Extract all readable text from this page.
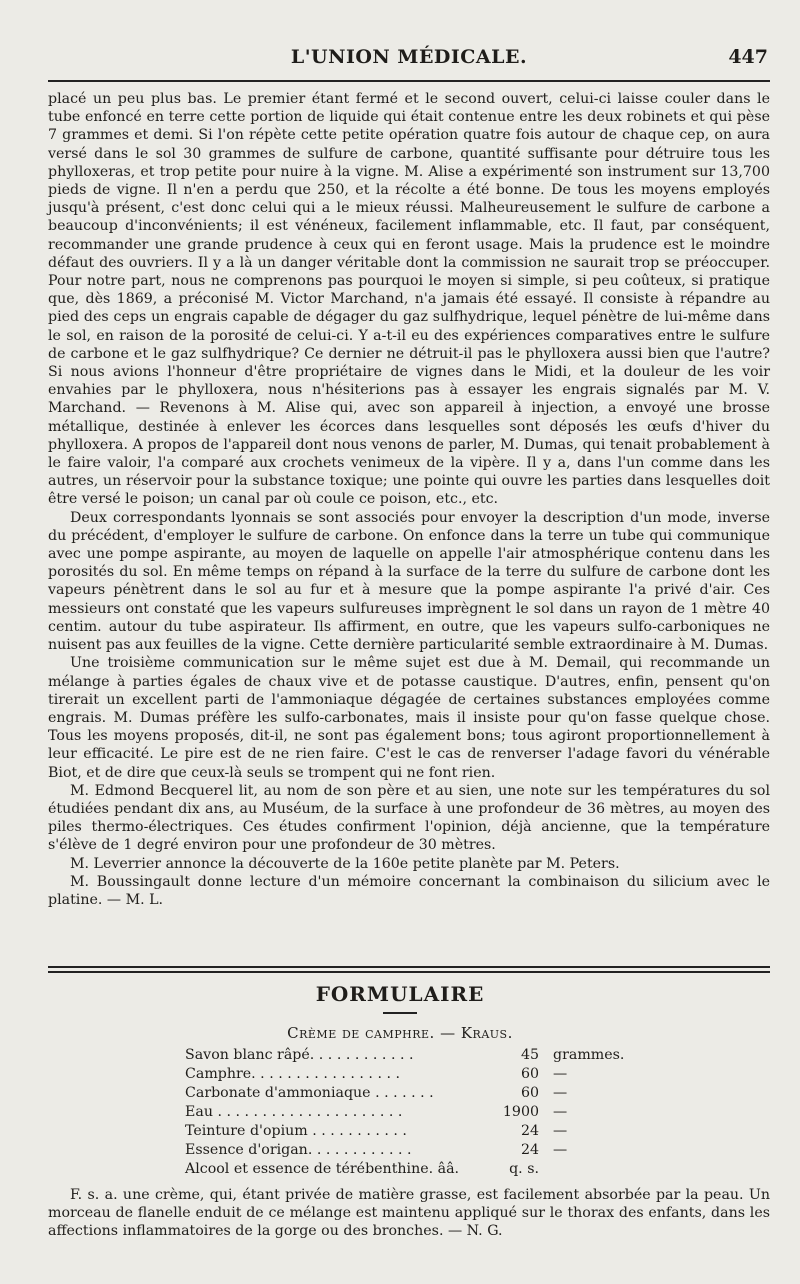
L'UNION MÉDICALE.	447

placé un peu plus bas. Le premier étant fermé et le second ouvert, celui-ci laisse couler dans le tube enfoncé en terre cette portion de liquide qui était contenue entre les deux robinets et qui pèse 7 grammes et demi. Si l'on répète cette petite opération quatre fois autour de chaque cep, on aura versé dans le sol 30 grammes de sulfure de carbone, quantité suffisante pour détruire tous les phylloxeras, et trop petite pour nuire à la vigne. M. Alise a expérimenté son instrument sur 13,700 pieds de vigne. Il n'en a perdu que 250, et la récolte a été bonne. De tous les moyens employés jusqu'à présent, c'est donc celui qui a le mieux réussi. Malheureusement le sulfure de carbone a beaucoup d'inconvénients; il est vénéneux, facilement inflammable, etc. Il faut, par conséquent, recommander une grande prudence à ceux qui en feront usage. Mais la prudence est le moindre défaut des ouvriers. Il y a là un danger véritable dont la commission ne saurait trop se préoccuper. Pour notre part, nous ne comprenons pas pourquoi le moyen si simple, si peu coûteux, si pratique que, dès 1869, a préconisé M. Victor Marchand, n'a jamais été essayé. Il consiste à répandre au pied des ceps un engrais capable de dégager du gaz sulfhydrique, lequel pénètre de lui-même dans le sol, en raison de la porosité de celui-ci. Y a-t-il eu des expériences comparatives entre le sulfure de carbone et le gaz sulfhydrique? Ce dernier ne détruit-il pas le phylloxera aussi bien que l'autre? Si nous avions l'honneur d'être propriétaire de vignes dans le Midi, et la douleur de les voir envahies par le phylloxera, nous n'hésiterions pas à essayer les engrais signalés par M. V. Marchand. — Revenons à M. Alise qui, avec son appareil à injection, a envoyé une brosse métallique, destinée à enlever les écorces dans lesquelles sont déposés les œufs d'hiver du phylloxera. A propos de l'appareil dont nous venons de parler, M. Dumas, qui tenait probablement à le faire valoir, l'a comparé aux crochets venimeux de la vipère. Il y a, dans l'un comme dans les autres, un réservoir pour la substance toxique; une pointe qui ouvre les parties dans lesquelles doit être versé le poison; un canal par où coule ce poison, etc., etc.

Deux correspondants lyonnais se sont associés pour envoyer la description d'un mode, inverse du précédent, d'employer le sulfure de carbone. On enfonce dans la terre un tube qui communique avec une pompe aspirante, au moyen de laquelle on appelle l'air atmosphérique contenu dans les porosités du sol. En même temps on répand à la surface de la terre du sulfure de carbone dont les vapeurs pénètrent dans le sol au fur et à mesure que la pompe aspirante l'a privé d'air. Ces messieurs ont constaté que les vapeurs sulfureuses imprègnent le sol dans un rayon de 1 mètre 40 centim. autour du tube aspirateur. Ils affirment, en outre, que les vapeurs sulfo-carboniques ne nuisent pas aux feuilles de la vigne. Cette dernière particularité semble extraordinaire à M. Dumas.

Une troisième communication sur le même sujet est due à M. Demail, qui recommande un mélange à parties égales de chaux vive et de potasse caustique. D'autres, enfin, pensent qu'on tirerait un excellent parti de l'ammoniaque dégagée de certaines substances employées comme engrais. M. Dumas préfère les sulfo-carbonates, mais il insiste pour qu'on fasse quelque chose. Tous les moyens proposés, dit-il, ne sont pas également bons; tous agiront proportionnellement à leur efficacité. Le pire est de ne rien faire. C'est le cas de renverser l'adage favori du vénérable Biot, et de dire que ceux-là seuls se trompent qui ne font rien.

M. Edmond Becquerel lit, au nom de son père et au sien, une note sur les températures du sol étudiées pendant dix ans, au Muséum, de la surface à une profondeur de 36 mètres, au moyen des piles thermo-électriques. Ces études confirment l'opinion, déjà ancienne, que la température s'élève de 1 degré environ pour une profondeur de 30 mètres.

M. Leverrier annonce la découverte de la 160e petite planète par M. Peters.

M. Boussingault donne lecture d'un mémoire concernant la combinaison du silicium avec le platine. — M. L.

FORMULAIRE
Crème de camphre. — Kraus.
Savon blanc râpé. . . . . . . . . . . .	45 grammes.
Camphre. . . . . . . . . . . . . . . . .	60 —
Carbonate d'ammoniaque . . . . . . .	60 —
Eau . . . . . . . . . . . . . . . . . . . . .	1900 —
Teinture d'opium . . . . . . . . . . .	24 —
Essence d'origan. . . . . . . . . . . .	24 —
Alcool et essence de térébenthine. ââ.	q. s.

F. s. a. une crème, qui, étant privée de matière grasse, est facilement absorbée par la peau. Un morceau de flanelle enduit de ce mélange est maintenu appliqué sur le thorax des enfants, dans les affections inflammatoires de la gorge ou des bronches. — N. G.
